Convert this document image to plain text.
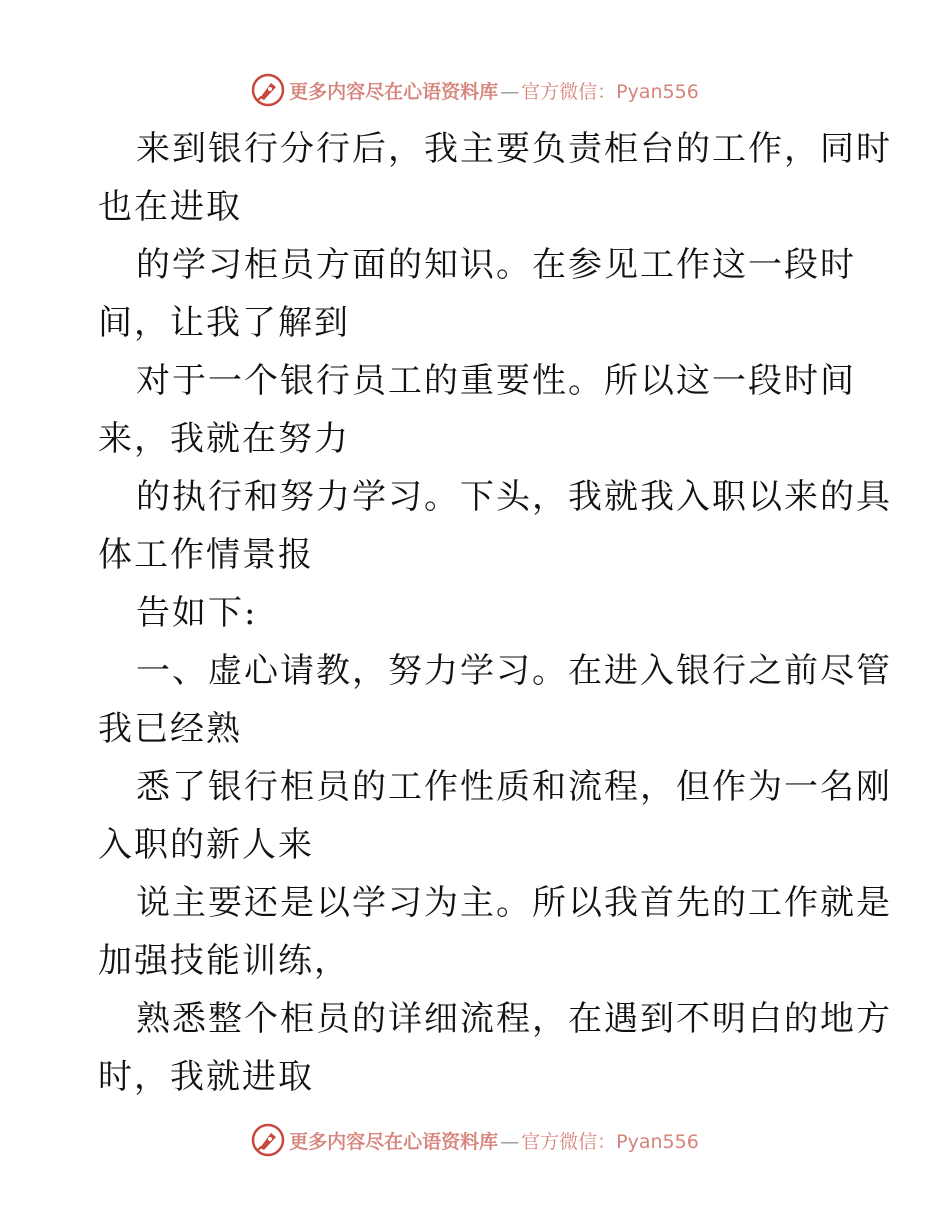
更多内容尽在心语资料库 — 官方微信：Pyan556
来到银行分行后，我主要负责柜台的工作，同时
也在进取
的学习柜员方面的知识。在参见工作这一段时
间，让我了解到
对于一个银行员工的重要性。所以这一段时间
来，我就在努力
的执行和努力学习。下头，我就我入职以来的具
体工作情景报
告如下:
一、虚心请教，努力学习。在进入银行之前尽管
我已经熟
悉了银行柜员的工作性质和流程，但作为一名刚
入职的新人来
说主要还是以学习为主。所以我首先的工作就是
加强技能训练，
熟悉整个柜员的详细流程，在遇到不明白的地方
时，我就进取
更多内容尽在心语资料库 — 官方微信：Pyan556
